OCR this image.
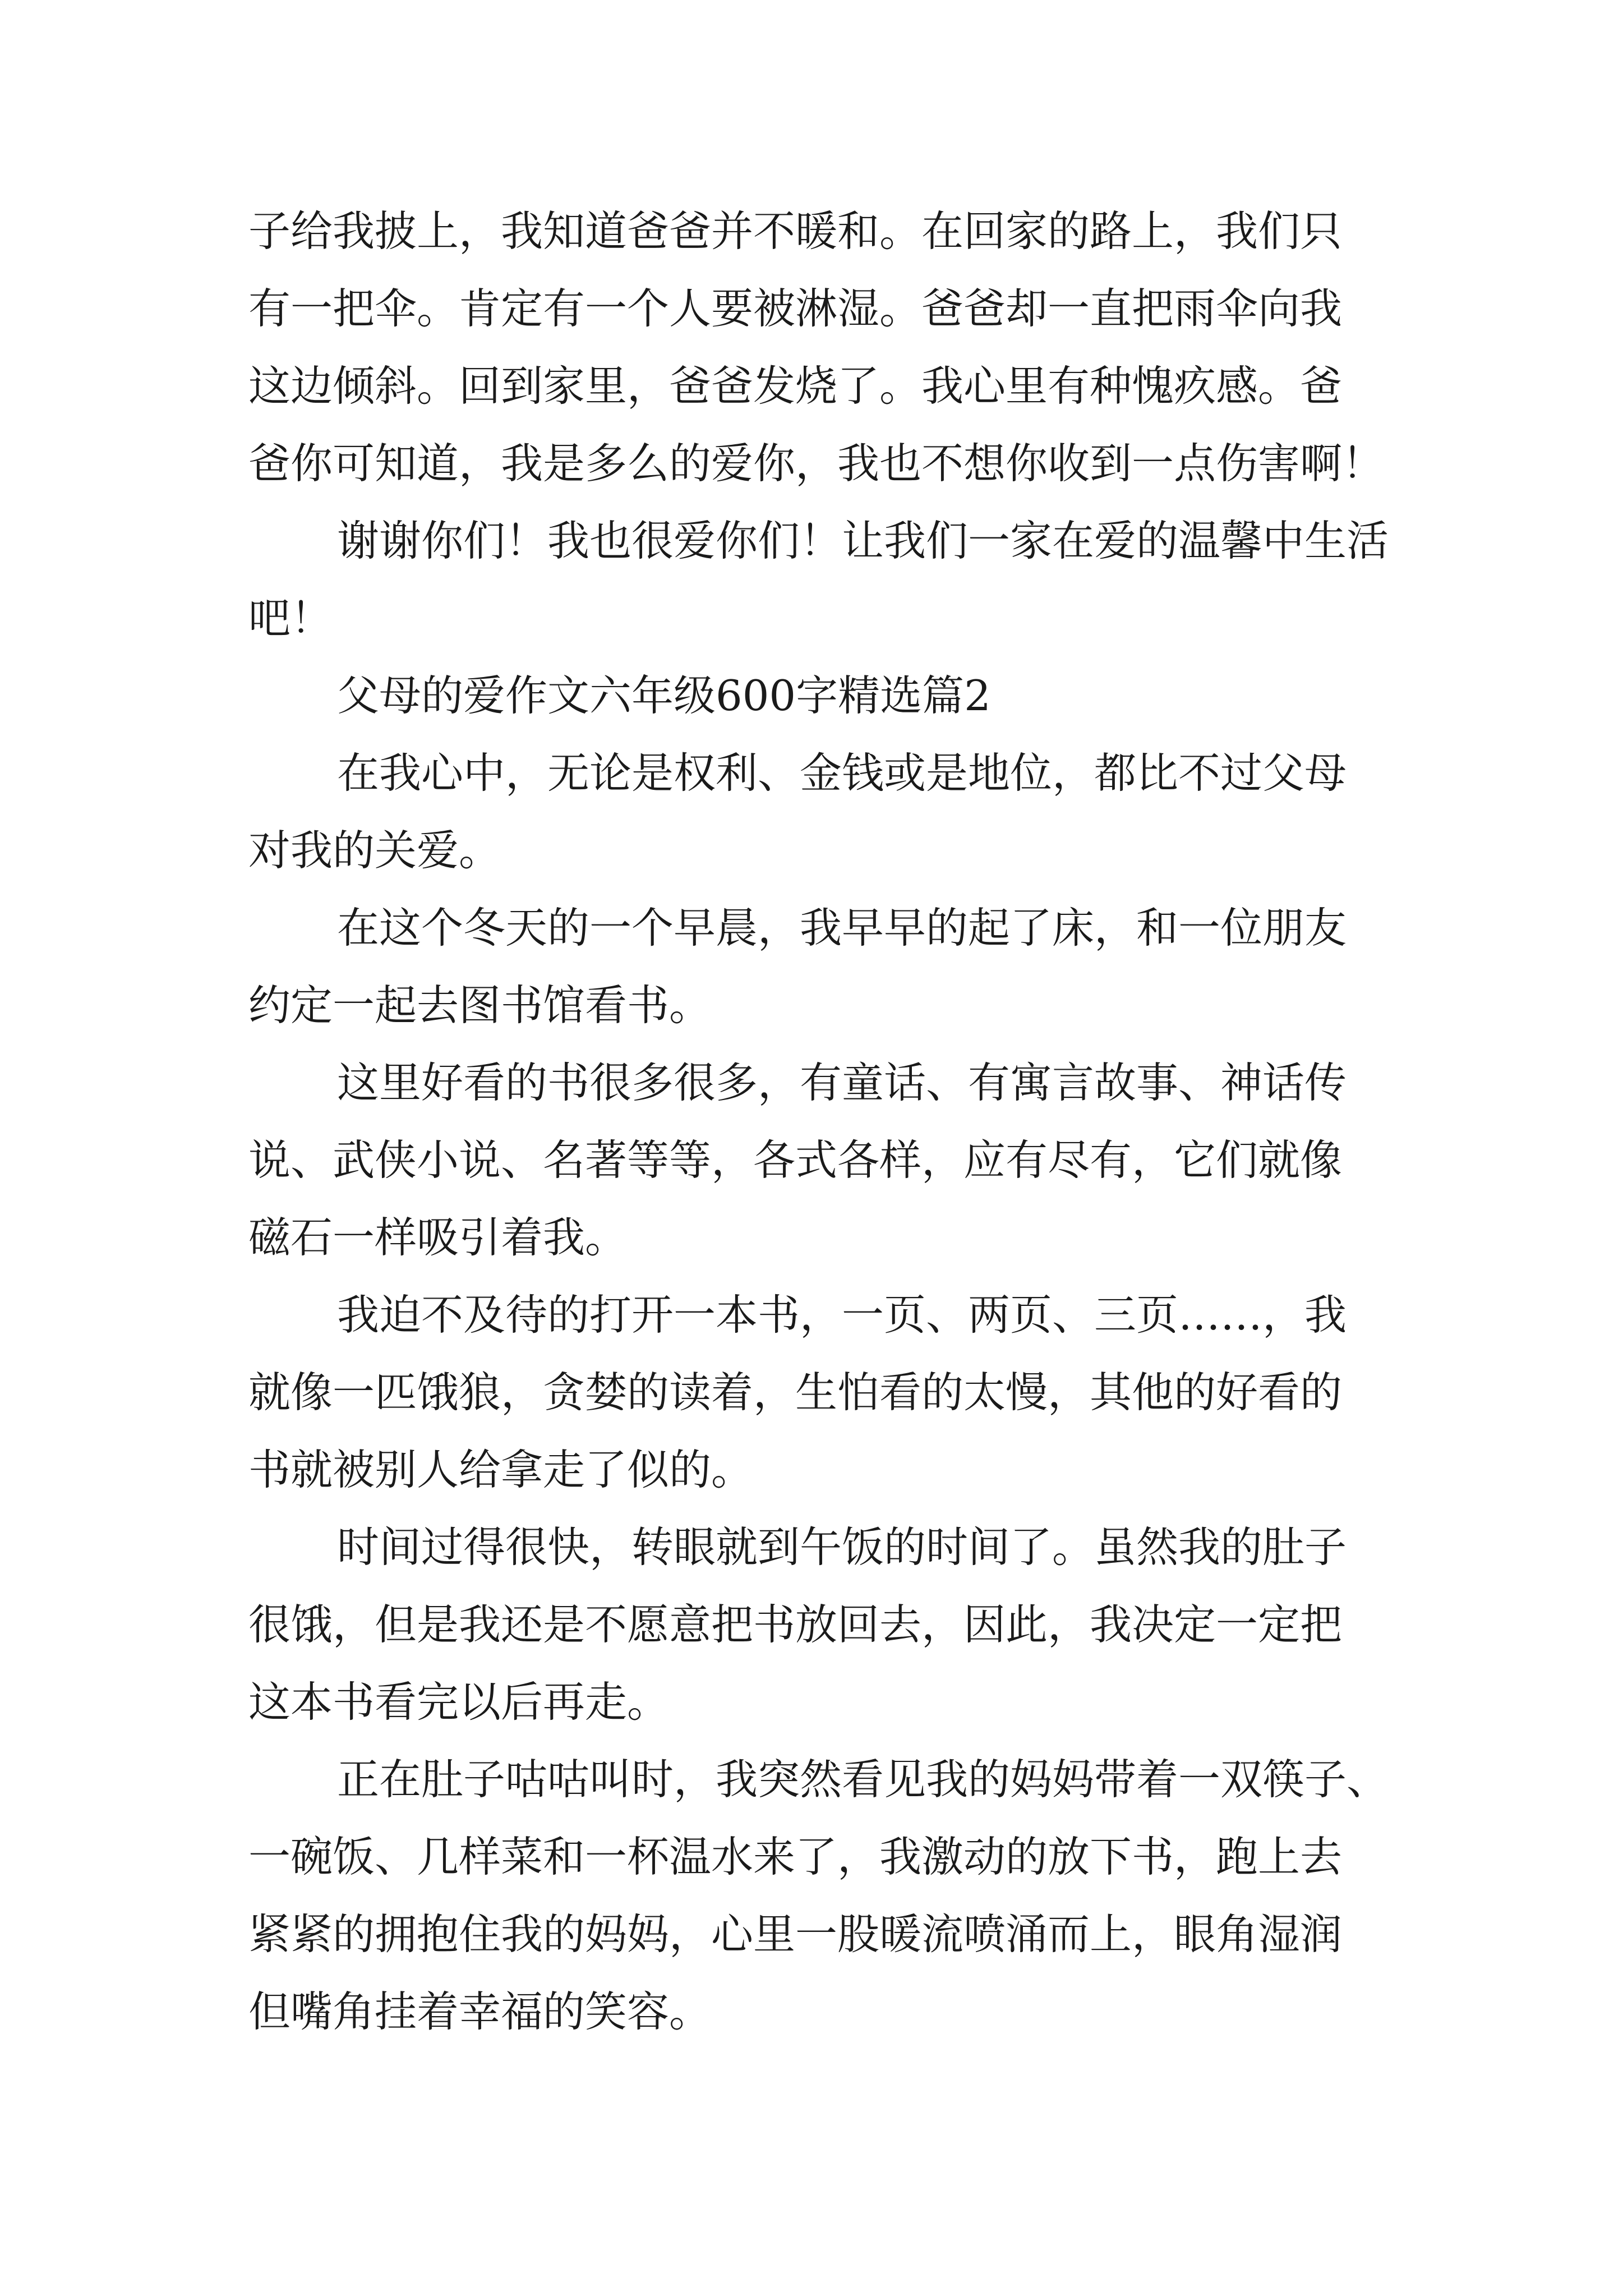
子给我披上，我知道爸爸并不暖和。在回家的路上，我们只

有一把伞。肯定有一个人要被淋湿。爸爸却一直把雨伞向我

这边倾斜。回到家里，爸爸发烧了。我心里有种愧疚感。爸

爸你可知道，我是多么的爱你，我也不想你收到一点伤害啊！

谢谢你们！我也很爱你们！让我们一家在爱的温馨中生活

吧！

父母的爱作文六年级600字精选篇2

在我心中，无论是权利、金钱或是地位，都比不过父母

对我的关爱。

在这个冬天的一个早晨，我早早的起了床，和一位朋友

约定一起去图书馆看书。

这里好看的书很多很多，有童话、有寓言故事、神话传

说、武侠小说、名著等等，各式各样，应有尽有，它们就像

磁石一样吸引着我。

我迫不及待的打开一本书，一页、两页、三页……，我

就像一匹饿狼，贪婪的读着，生怕看的太慢，其他的好看的

书就被别人给拿走了似的。

时间过得很快，转眼就到午饭的时间了。虽然我的肚子

很饿，但是我还是不愿意把书放回去，因此，我决定一定把

这本书看完以后再走。

正在肚子咕咕叫时，我突然看见我的妈妈带着一双筷子、

一碗饭、几样菜和一杯温水来了，我激动的放下书，跑上去

紧紧的拥抱住我的妈妈，心里一股暖流喷涌而上，眼角湿润

但嘴角挂着幸福的笑容。
